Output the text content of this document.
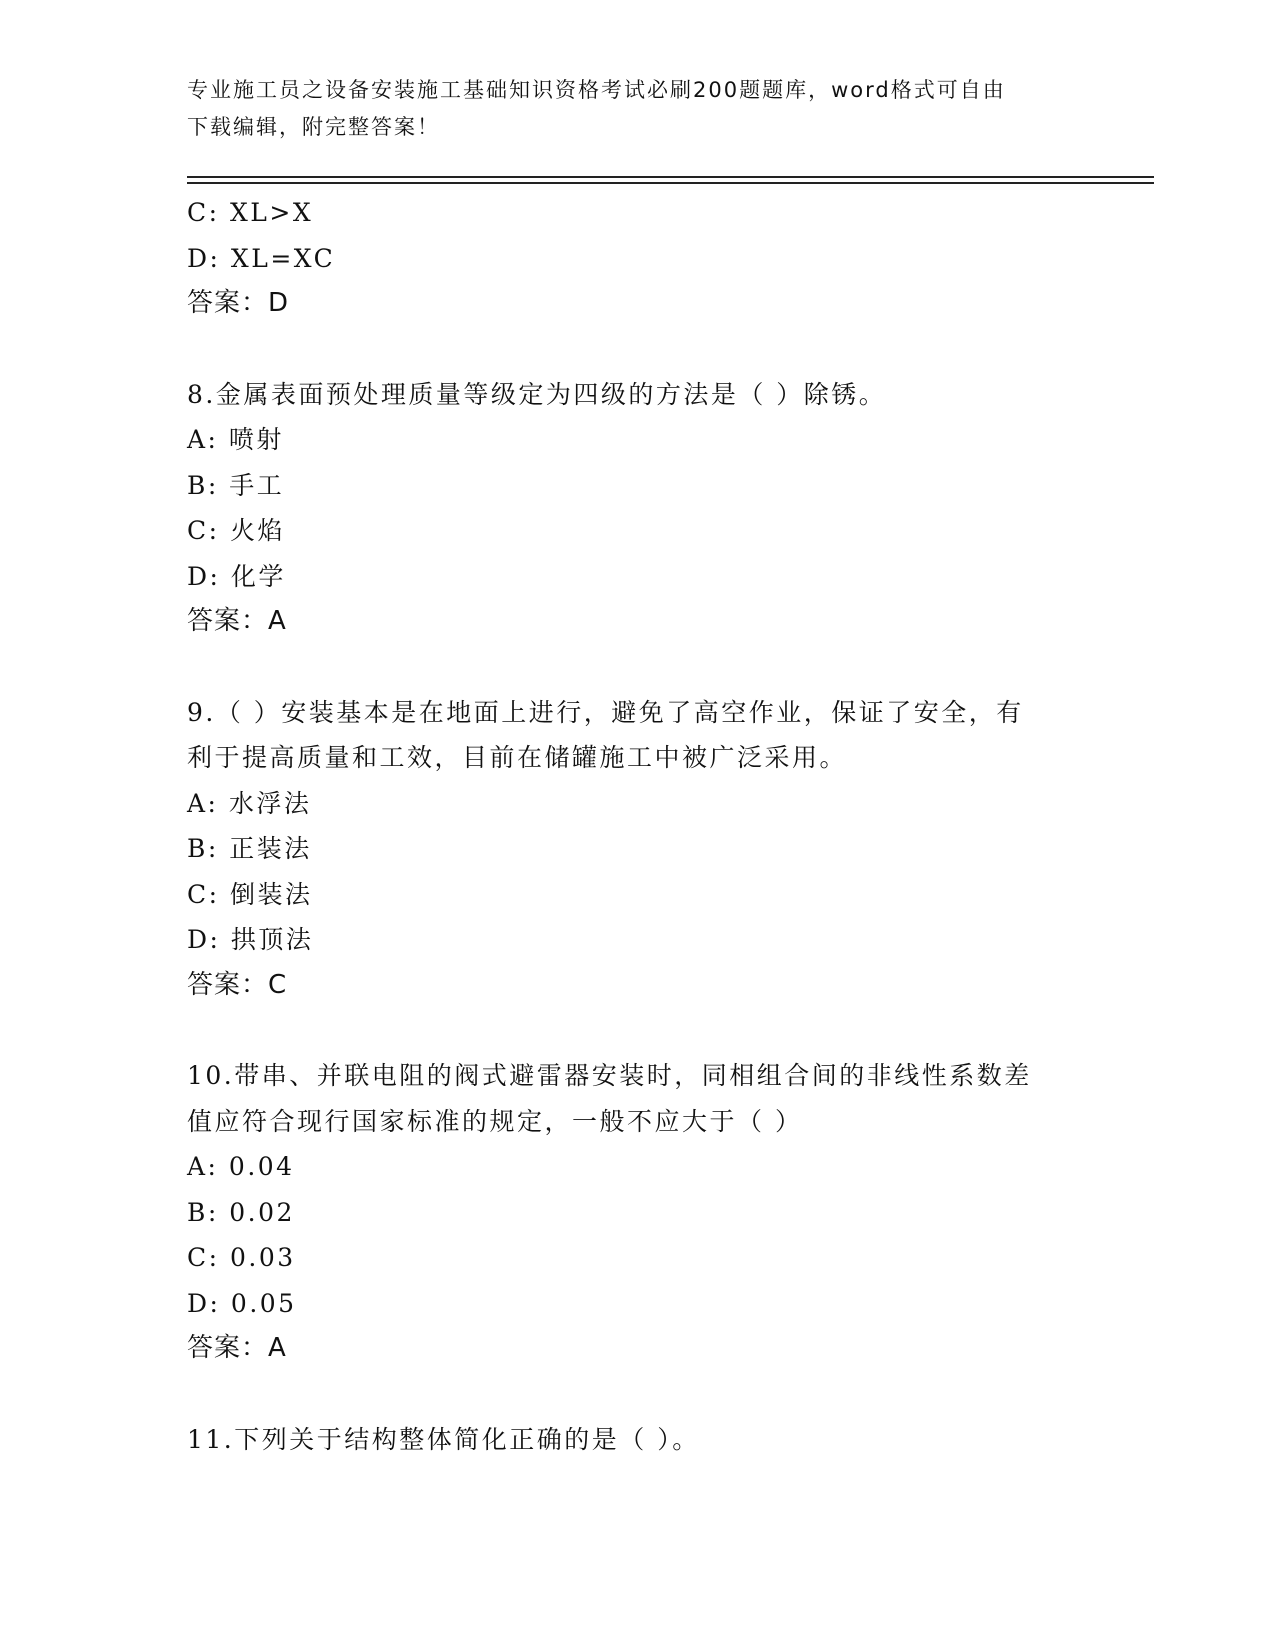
专业施工员之设备安装施工基础知识资格考试必刷200题题库，word格式可自由
下载编辑，附完整答案！
C: XL>X
D: XL=XC
答案：D
8.金属表面预处理质量等级定为四级的方法是（ ）除锈。
A: 喷射
B: 手工
C: 火焰
D: 化学
答案：A
9.（ ）安装基本是在地面上进行，避免了高空作业，保证了安全，有
利于提高质量和工效，目前在储罐施工中被广泛采用。
A: 水浮法
B: 正装法
C: 倒装法
D: 拱顶法
答案：C
10.带串、并联电阻的阀式避雷器安装时，同相组合间的非线性系数差
值应符合现行国家标准的规定，一般不应大于（ ）
A: 0.04
B: 0.02
C: 0.03
D: 0.05
答案：A
11.下列关于结构整体简化正确的是（ ）。
